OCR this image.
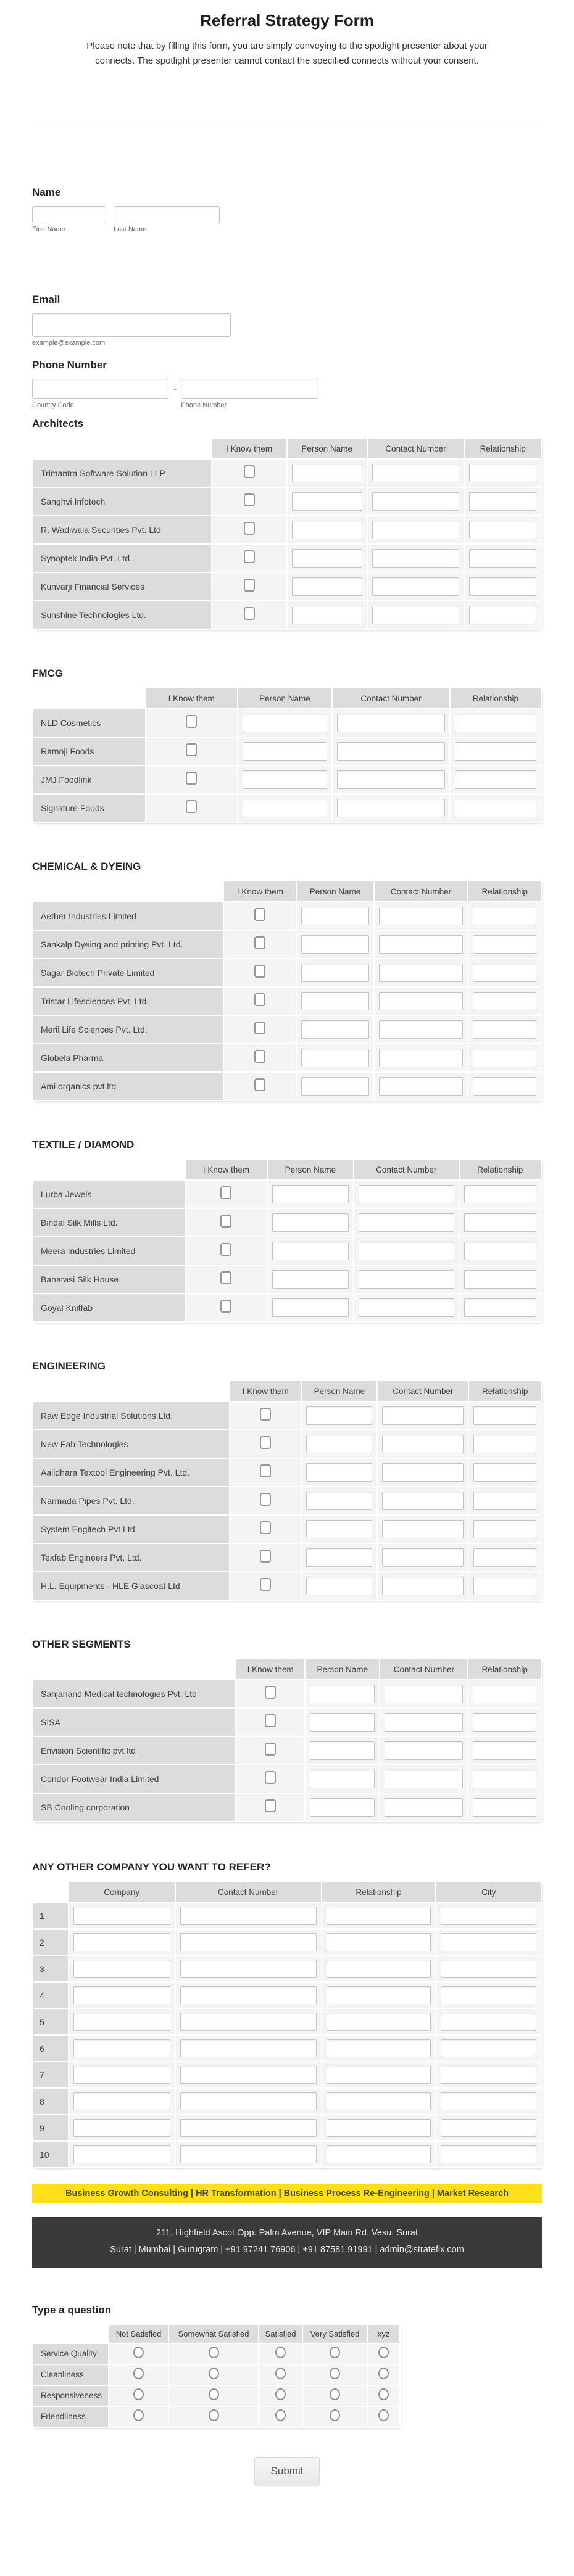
Referral Strategy Form

Please note that by filling this form, you are simply conveying to the spotlight presenter about your connects. The spotlight presenter cannot contact the specified connects without your consent.

Name
First Name	Last Name
Email
example@example.com
Phone Number
Country Code
-
Phone Number
Architects
	I Know them	Person Name	Contact Number	Relationship
Trimantra Software Solution LLP				
Sanghvi Infotech				
R. Wadiwala Securities Pvt. Ltd				
Synoptek India Pvt. Ltd.				
Kunvarji Financial Services				
Sunshine Technologies Ltd.				
FMCG
	I Know them	Person Name	Contact Number	Relationship
NLD Cosmetics				
Ramoji Foods				
JMJ Foodlink				
Signature Foods				
CHEMICAL & DYEING
	I Know them	Person Name	Contact Number	Relationship
Aether Industries Limited				
Sankalp Dyeing and printing Pvt. Ltd.				
Sagar Biotech Private Limited				
Tristar Lifesciences Pvt. Ltd.				
Meril Life Sciences Pvt. Ltd.				
Globela Pharma				
Ami organics pvt ltd				
TEXTILE / DIAMOND
	I Know them	Person Name	Contact Number	Relationship
Lurba Jewels				
Bindal Silk Mills Ltd.				
Meera Industries Limited				
Banarasi Silk House				
Goyal Knitfab				
ENGINEERING
	I Know them	Person Name	Contact Number	Relationship
Raw Edge Industrial Solutions Ltd.				
New Fab Technologies				
Aalidhara Textool Engineering Pvt. Ltd.				
Narmada Pipes Pvt. Ltd.				
System Engitech Pvt Ltd.				
Texfab Engineers Pvt. Ltd.				
H.L. Equipments - HLE Glascoat Ltd				
OTHER SEGMENTS
	I Know them	Person Name	Contact Number	Relationship
Sahjanand Medical technologies Pvt. Ltd				
SISA				
Envision Scientific pvt ltd				
Condor Footwear India Limited				
SB Cooling corporation				
ANY OTHER COMPANY YOU WANT TO REFER?
	Company	Contact Number	Relationship	City
1				
2				
3				
4				
5				
6				
7				
8				
9				
10				
Business Growth Consulting | HR Transformation | Business Process Re-Engineering | Market Research
211, Highfield Ascot Opp. Palm Avenue, VIP Main Rd. Vesu, Surat
Surat | Mumbai | Gurugram | +91 97241 76906 | +91 87581 91991 | admin@stratefix.com
Type a question
	Not Satisfied	Somewhat Satisfied	Satisfied	Very Satisfied	xyz
Service Quality					
Cleanliness					
Responsiveness					
Friendliness					
Submit
